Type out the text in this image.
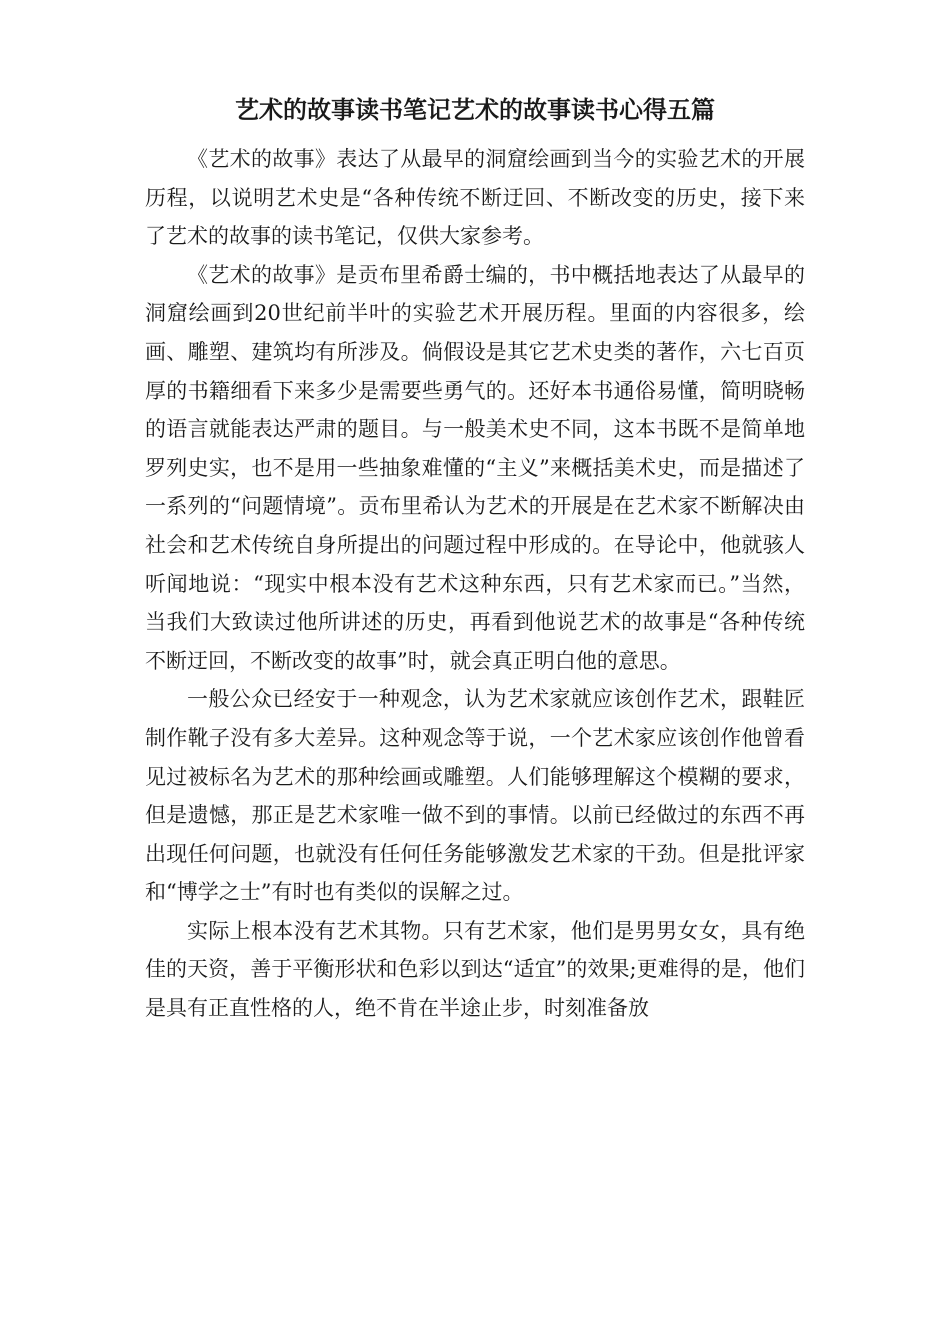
艺术的故事读书笔记艺术的故事读书心得五篇

《艺术的故事》表达了从最早的洞窟绘画到当今的实验艺术的开展历程，以说明艺术史是“各种传统不断迂回、不断改变的历史，接下来了艺术的故事的读书笔记，仅供大家参考。

《艺术的故事》是贡布里希爵士编的，书中概括地表达了从最早的洞窟绘画到20世纪前半叶的实验艺术开展历程。里面的内容很多，绘画、雕塑、建筑均有所涉及。倘假设是其它艺术史类的著作，六七百页厚的书籍细看下来多少是需要些勇气的。还好本书通俗易懂，简明晓畅的语言就能表达严肃的题目。与一般美术史不同，这本书既不是简单地罗列史实，也不是用一些抽象难懂的“主义”来概括美术史，而是描述了一系列的“问题情境”。贡布里希认为艺术的开展是在艺术家不断解决由社会和艺术传统自身所提出的问题过程中形成的。在导论中，他就骇人听闻地说：“现实中根本没有艺术这种东西，只有艺术家而已。”当然，当我们大致读过他所讲述的历史，再看到他说艺术的故事是“各种传统不断迂回，不断改变的故事”时，就会真正明白他的意思。

一般公众已经安于一种观念，认为艺术家就应该创作艺术，跟鞋匠制作靴子没有多大差异。这种观念等于说，一个艺术家应该创作他曾看见过被标名为艺术的那种绘画或雕塑。人们能够理解这个模糊的要求，但是遗憾，那正是艺术家唯一做不到的事情。以前已经做过的东西不再出现任何问题，也就没有任何任务能够激发艺术家的干劲。但是批评家和“博学之士”有时也有类似的误解之过。

实际上根本没有艺术其物。只有艺术家，他们是男男女女，具有绝佳的天资，善于平衡形状和色彩以到达“适宜”的效果;更难得的是，他们是具有正直性格的人，绝不肯在半途止步，时刻准备放
